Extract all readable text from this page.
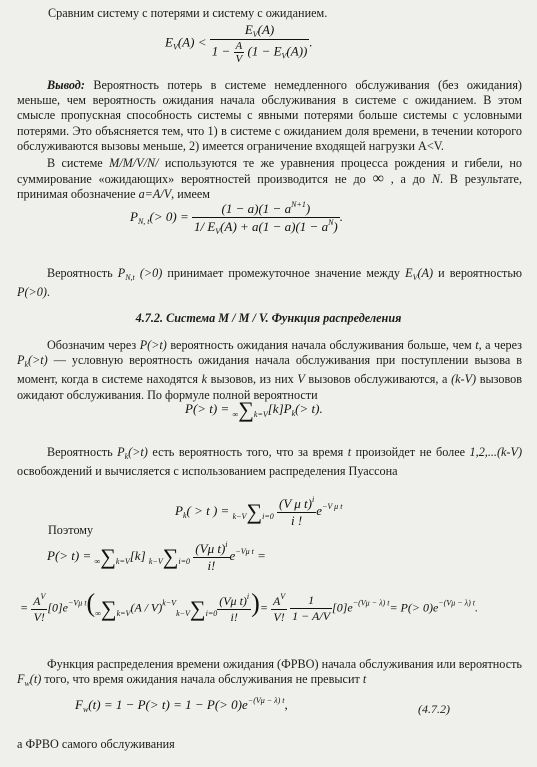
Сравним систему с потерями и систему с ожиданием.
$E_V(A) < \frac{E_V(A)}{1 - \frac{A}{V} (1 - E_V(A))}$ .
Вывод: Вероятность потерь в системе немедленного обслуживания (без ожидания) меньше, чем вероятность ожидания начала обслуживания в системе с ожиданием. В этом смысле пропускная способность системы с явными потерями больше системы с условными потерями. Это объясняется тем, что 1) в системе с ожиданием доля времени, в течении которого обслуживаются вызовы меньше, 2) имеется ограничение входящей нагрузки A<V.
В системе M/M/V/N/ используются те же уравнения процесса рождения и гибели, но суммирование «ожидающих» вероятностей производится не до ∞ , а до N. В результате, принимая обозначение a=A/V, имеем
$P_{N, t}(> 0) = \frac{(1 - a)(1 - a^{N+1})}{1/ E_V(A) + a(1 - a)(1 - a^N)}$ .
Вероятность $P_{N,t}$ (>0) принимает промежуточное значение между $E_V(A)$ и вероятностью P(>0).
4.7.2. Система M / M / V. Функция распределения
Обозначим через P(>t) вероятность ожидания начала обслуживания больше, чем t, а через $P_k(>t)$ — условную вероятность ожидания начала обслуживания при поступлении вызова в момент, когда в системе находятся k вызовов, из них V вызовов обслуживаются, а (k-V) вызовов ожидают обслуживания. По формуле полной вероятности
$P(> t) = \infty\sum k=V[k]P_k(> t)$.
Вероятность $P_k(>t)$ есть вероятность того, что за время t произойдет не более 1,2,...(k-V) освобождений и вычисляется с использованием распределения Пуассона
$P_k( > t$ ) = $k-V\sum i=0 \frac{(V \mu t)^i}{i !} e^{-V \mu t}$
Поэтому
P(> t) = ∞∑k=V[k] $k-V\sum i=0 \frac{(V\mu t)^i}{i!} e^{-V\mu t}$ =
= $\frac{A^V}{V!} [0]e^{-V\mu t}(\infty\sum k=V(A / V)^{k-V}k-V\sum i=0 \frac{(V\mu t)^i}{i!}$ )= $\frac{A^V}{V!}$
$\frac{1}{1 - A/V} [0]e^{-(V\mu - \lambda) t}= P(> 0)e^{-(V\mu - \lambda) t}$.
Функция распределения времени ожидания (ФРВО) начала обслуживания или вероятность $F_w(t)$ того, что время ожидания начала обслуживания не превысит t
$F_w(t) = 1 - P(> t) = 1 - P(> 0)e^{-(V\mu - \lambda) t}$,	(4.7.2)
а ФРВО самого обслуживания
